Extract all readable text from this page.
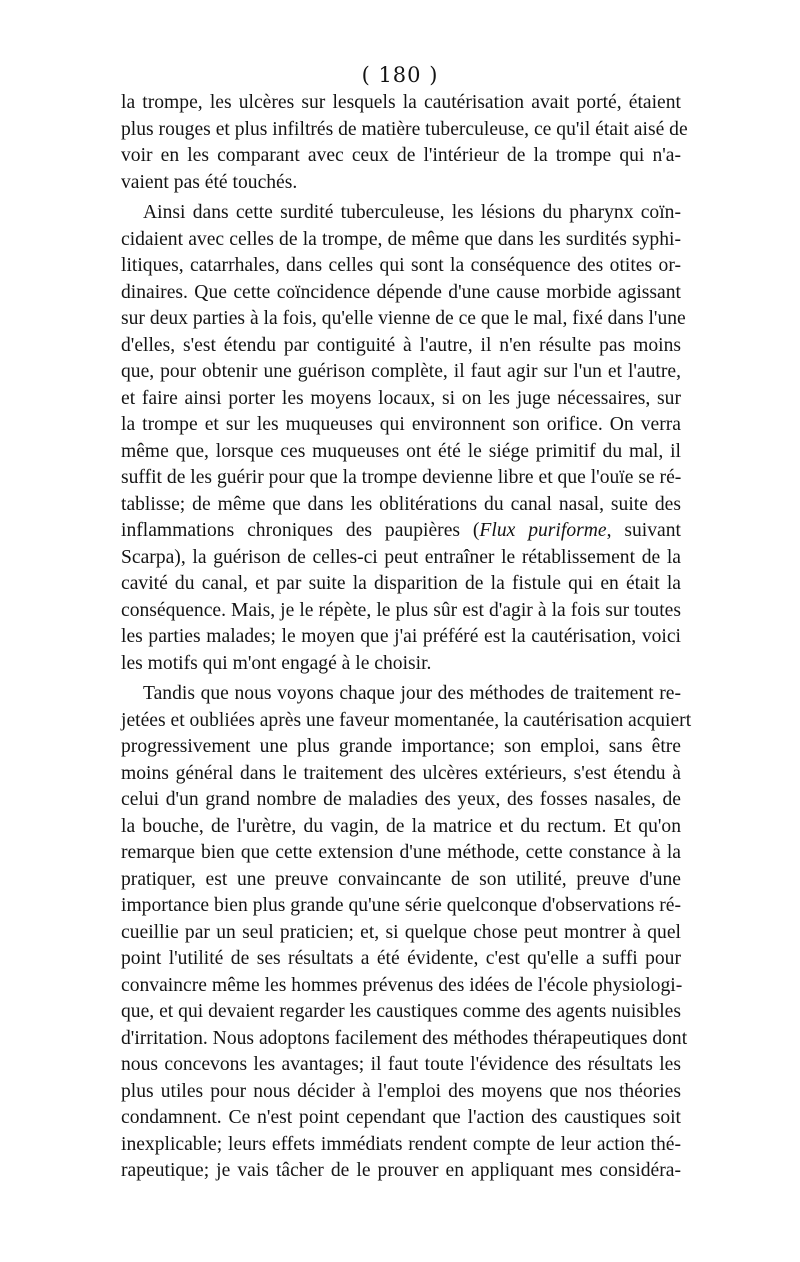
( 180 )

la trompe, les ulcères sur lesquels la cautérisation avait porté, étaient
plus rouges et plus infiltrés de matière tuberculeuse, ce qu'il était aisé de
voir en les comparant avec ceux de l'intérieur de la trompe qui n'a-
vaient pas été touchés.

Ainsi dans cette surdité tuberculeuse, les lésions du pharynx coïn-
cidaient avec celles de la trompe, de même que dans les surdités syphi-
litiques, catarrhales, dans celles qui sont la conséquence des otites or-
dinaires. Que cette coïncidence dépende d'une cause morbide agissant
sur deux parties à la fois, qu'elle vienne de ce que le mal, fixé dans l'une
d'elles, s'est étendu par contiguité à l'autre, il n'en résulte pas moins
que, pour obtenir une guérison complète, il faut agir sur l'un et l'autre,
et faire ainsi porter les moyens locaux, si on les juge nécessaires, sur
la trompe et sur les muqueuses qui environnent son orifice. On verra
même que, lorsque ces muqueuses ont été le siége primitif du mal, il
suffit de les guérir pour que la trompe devienne libre et que l'ouïe se ré-
tablisse; de même que dans les oblitérations du canal nasal, suite des
inflammations chroniques des paupières (Flux puriforme, suivant
Scarpa), la guérison de celles-ci peut entraîner le rétablissement de la
cavité du canal, et par suite la disparition de la fistule qui en était la
conséquence. Mais, je le répète, le plus sûr est d'agir à la fois sur toutes
les parties malades; le moyen que j'ai préféré est la cautérisation, voici
les motifs qui m'ont engagé à le choisir.

Tandis que nous voyons chaque jour des méthodes de traitement re-
jetées et oubliées après une faveur momentanée, la cautérisation acquiert
progressivement une plus grande importance; son emploi, sans être
moins général dans le traitement des ulcères extérieurs, s'est étendu à
celui d'un grand nombre de maladies des yeux, des fosses nasales, de
la bouche, de l'urètre, du vagin, de la matrice et du rectum. Et qu'on
remarque bien que cette extension d'une méthode, cette constance à la
pratiquer, est une preuve convaincante de son utilité, preuve d'une
importance bien plus grande qu'une série quelconque d'observations ré-
cueillie par un seul praticien; et, si quelque chose peut montrer à quel
point l'utilité de ses résultats a été évidente, c'est qu'elle a suffi pour
convaincre même les hommes prévenus des idées de l'école physiologi-
que, et qui devaient regarder les caustiques comme des agents nuisibles
d'irritation. Nous adoptons facilement des méthodes thérapeutiques dont
nous concevons les avantages; il faut toute l'évidence des résultats les
plus utiles pour nous décider à l'emploi des moyens que nos théories
condamnent. Ce n'est point cependant que l'action des caustiques soit
inexplicable; leurs effets immédiats rendent compte de leur action thé-
rapeutique; je vais tâcher de le prouver en appliquant mes considéra-
